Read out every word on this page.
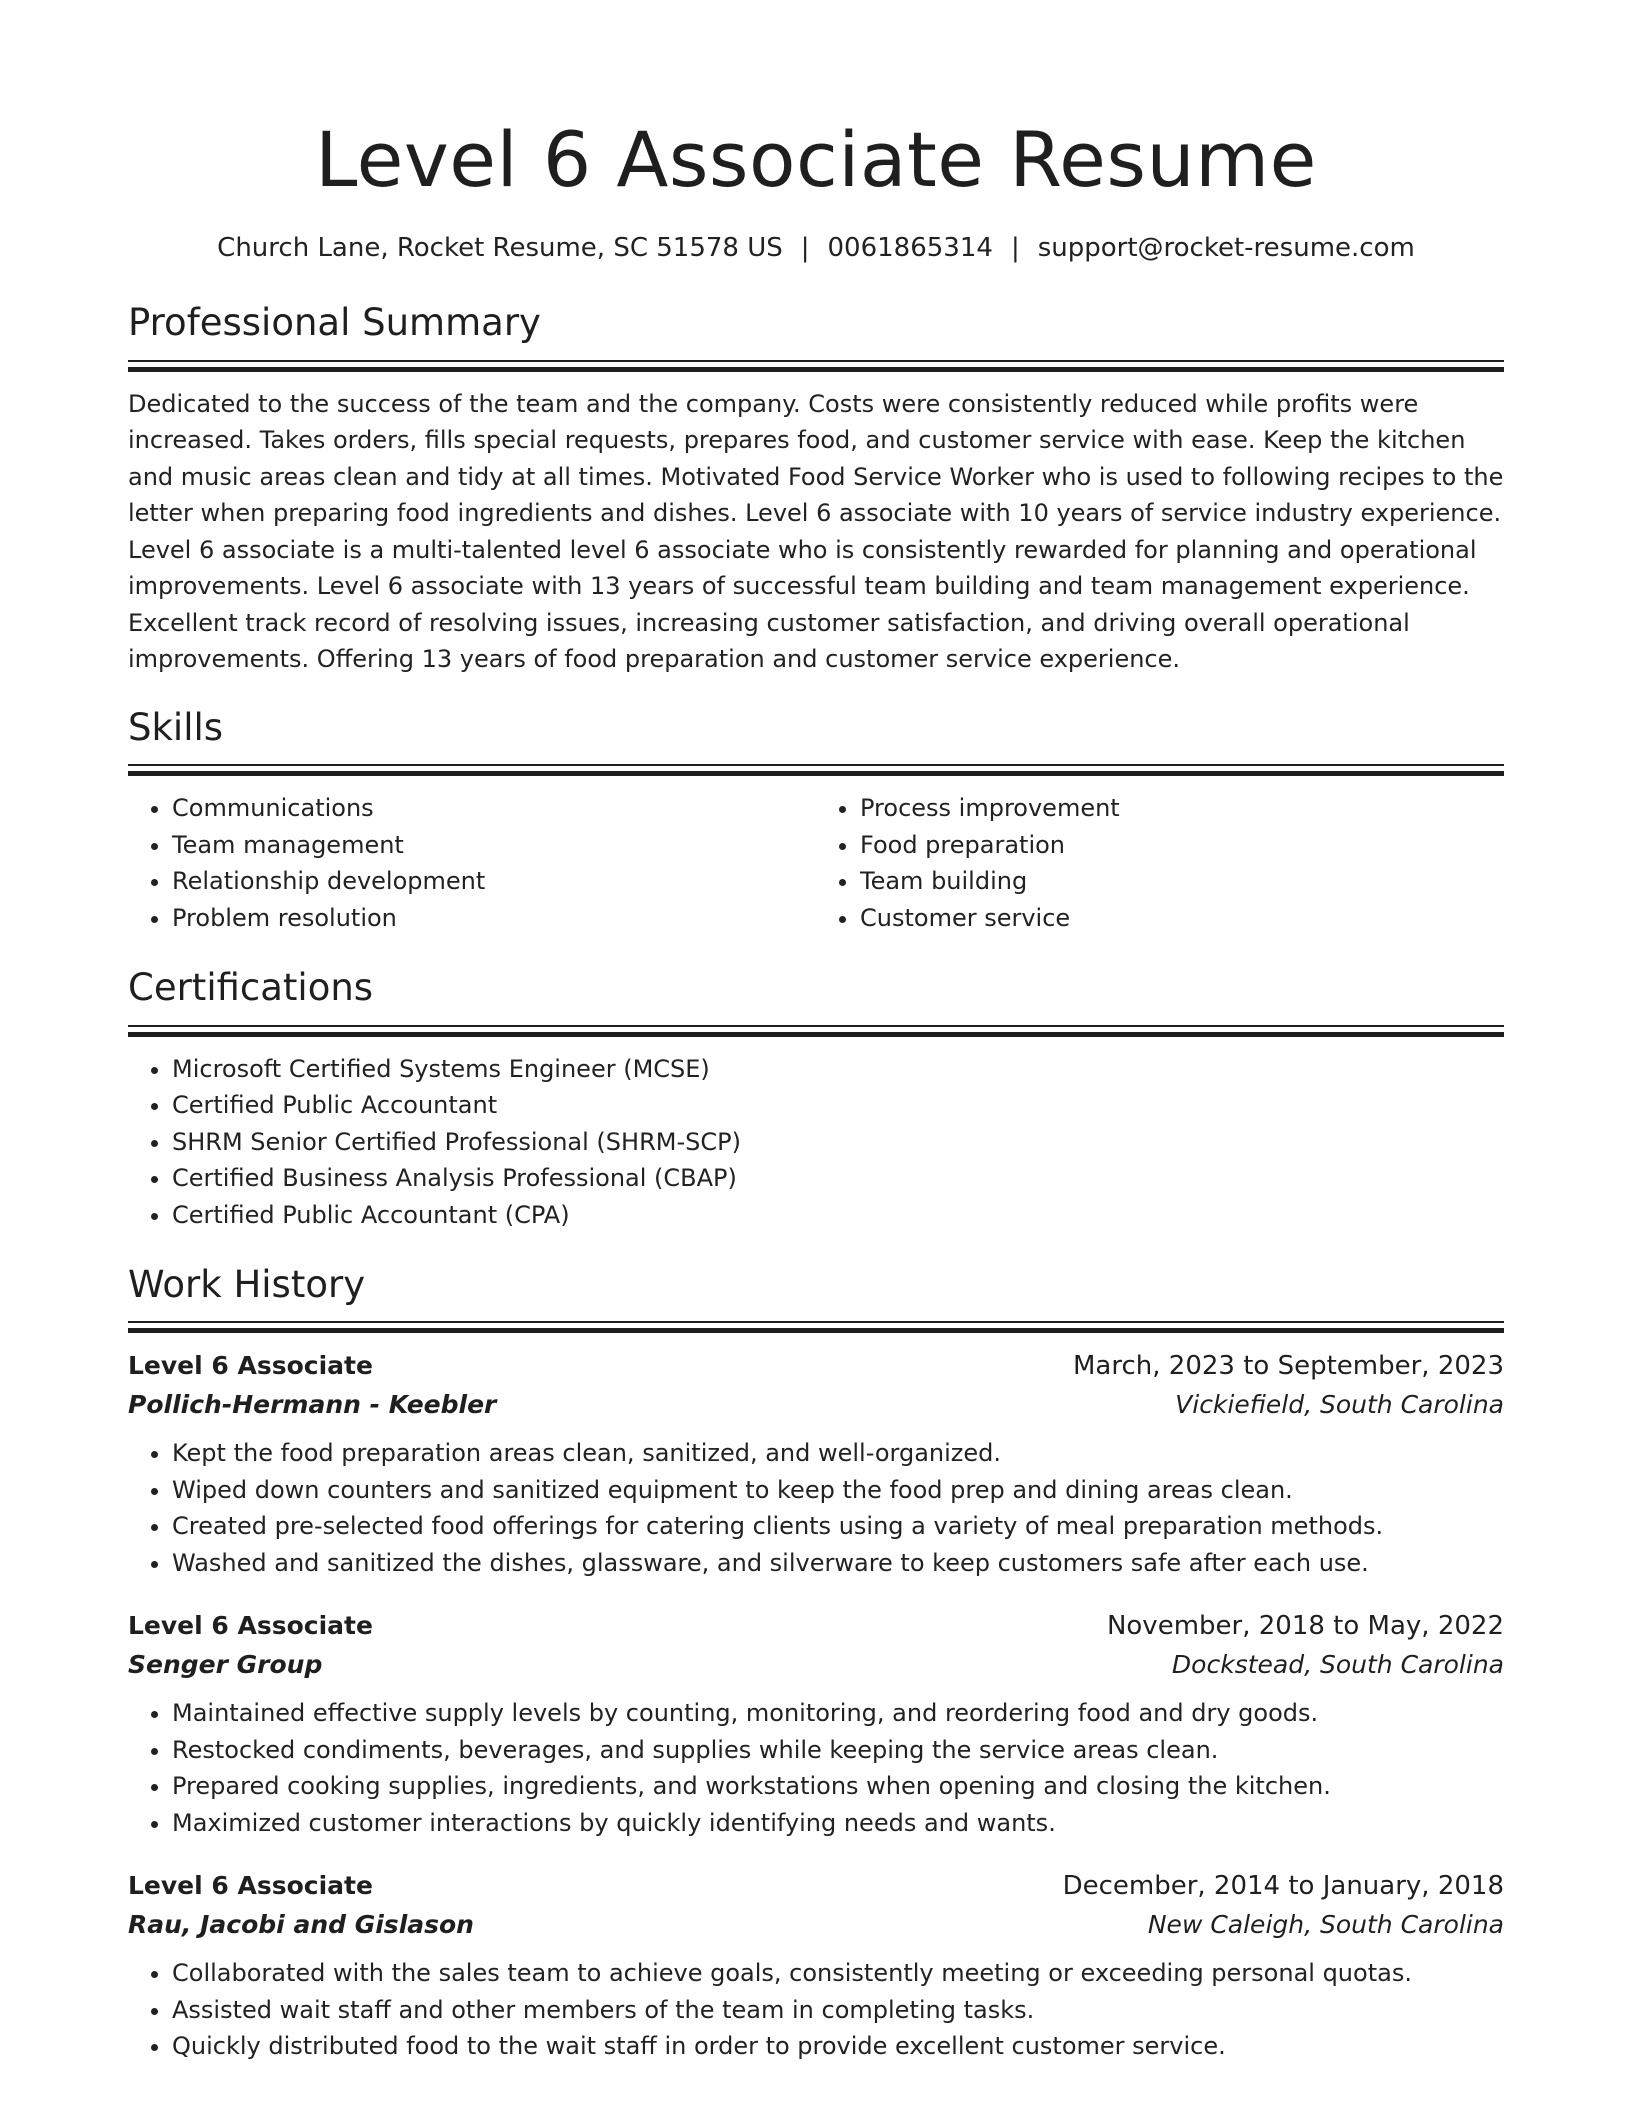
Level 6 Associate Resume
Church Lane, Rocket Resume, SC 51578 US | 0061865314 | support@rocket-resume.com
Professional Summary
Dedicated to the success of the team and the company. Costs were consistently reduced while profits were increased. Takes orders, fills special requests, prepares food, and customer service with ease. Keep the kitchen and music areas clean and tidy at all times. Motivated Food Service Worker who is used to following recipes to the letter when preparing food ingredients and dishes. Level 6 associate with 10 years of service industry experience. Level 6 associate is a multi-talented level 6 associate who is consistently rewarded for planning and operational improvements. Level 6 associate with 13 years of successful team building and team management experience. Excellent track record of resolving issues, increasing customer satisfaction, and driving overall operational improvements. Offering 13 years of food preparation and customer service experience.
Skills
• Communications
• Team management
• Relationship development
• Problem resolution
• Process improvement
• Food preparation
• Team building
• Customer service
Certifications
• Microsoft Certified Systems Engineer (MCSE)
• Certified Public Accountant
• SHRM Senior Certified Professional (SHRM-SCP)
• Certified Business Analysis Professional (CBAP)
• Certified Public Accountant (CPA)
Work History
Level 6 Associate	March, 2023 to September, 2023
Pollich-Hermann - Keebler	Vickiefield, South Carolina
• Kept the food preparation areas clean, sanitized, and well-organized.
• Wiped down counters and sanitized equipment to keep the food prep and dining areas clean.
• Created pre-selected food offerings for catering clients using a variety of meal preparation methods.
• Washed and sanitized the dishes, glassware, and silverware to keep customers safe after each use.
Level 6 Associate	November, 2018 to May, 2022
Senger Group	Dockstead, South Carolina
• Maintained effective supply levels by counting, monitoring, and reordering food and dry goods.
• Restocked condiments, beverages, and supplies while keeping the service areas clean.
• Prepared cooking supplies, ingredients, and workstations when opening and closing the kitchen.
• Maximized customer interactions by quickly identifying needs and wants.
Level 6 Associate	December, 2014 to January, 2018
Rau, Jacobi and Gislason	New Caleigh, South Carolina
• Collaborated with the sales team to achieve goals, consistently meeting or exceeding personal quotas.
• Assisted wait staff and other members of the team in completing tasks.
• Quickly distributed food to the wait staff in order to provide excellent customer service.
